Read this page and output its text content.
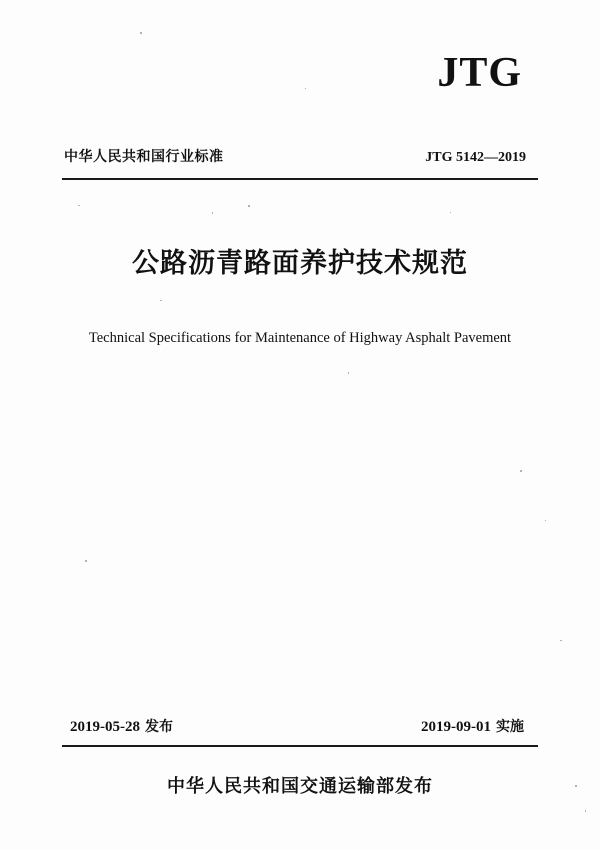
JTG
中华人民共和国行业标准	JTG 5142—2019
公路沥青路面养护技术规范
Technical Specifications for Maintenance of Highway Asphalt Pavement
2019-05-28 发布	2019-09-01 实施
中华人民共和国交通运输部发布
